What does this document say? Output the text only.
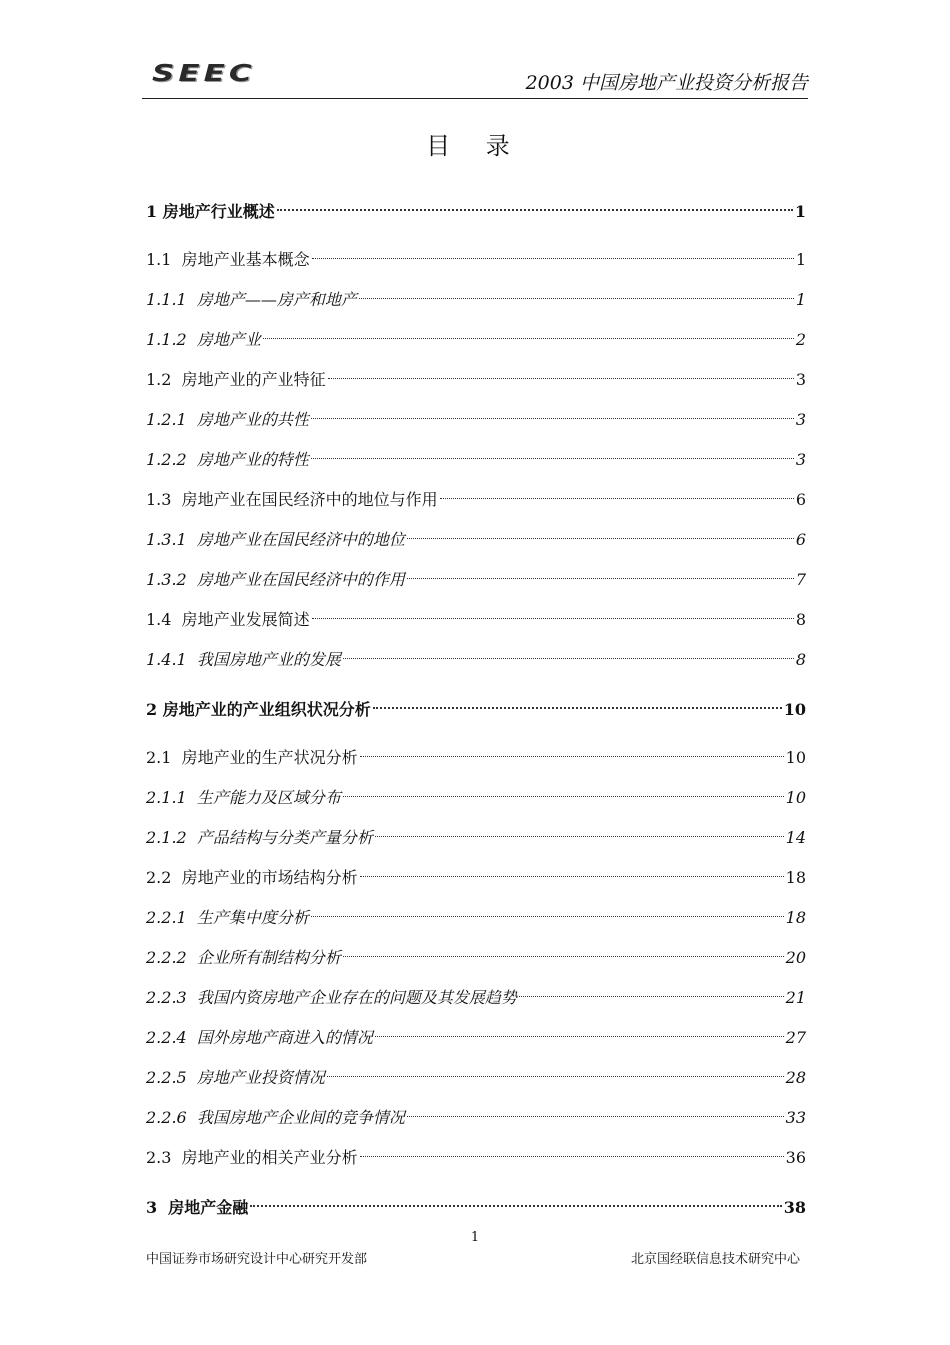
SEEC	2003 中国房地产业投资分析报告
目 录
1 房地产行业概述	1
1.1 房地产业基本概念	1
1.1.1 房地产——房产和地产	1
1.1.2 房地产业	2
1.2 房地产业的产业特征	3
1.2.1 房地产业的共性	3
1.2.2 房地产业的特性	3
1.3 房地产业在国民经济中的地位与作用	6
1.3.1 房地产业在国民经济中的地位	6
1.3.2 房地产业在国民经济中的作用	7
1.4 房地产业发展简述	8
1.4.1 我国房地产业的发展	8
2 房地产业的产业组织状况分析	10
2.1 房地产业的生产状况分析	10
2.1.1 生产能力及区域分布	10
2.1.2 产品结构与分类产量分析	14
2.2 房地产业的市场结构分析	18
2.2.1 生产集中度分析	18
2.2.2 企业所有制结构分析	20
2.2.3 我国内资房地产企业存在的问题及其发展趋势	21
2.2.4 国外房地产商进入的情况	27
2.2.5 房地产业投资情况	28
2.2.6 我国房地产企业间的竞争情况	33
2.3 房地产业的相关产业分析	36
3 房地产金融	38
1
中国证券市场研究设计中心研究开发部	北京国经联信息技术研究中心
